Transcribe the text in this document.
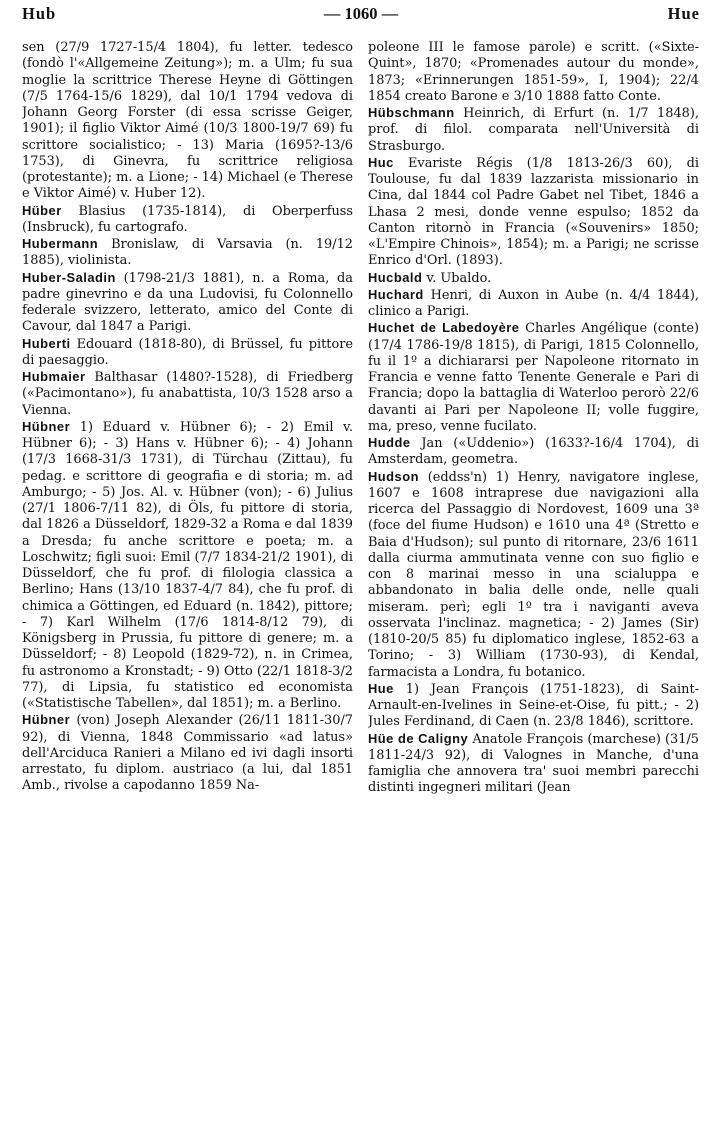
Hub	— 1060 —	Hue

sen (27/9 1727-15/4 1804), fu letter. tedesco (fondò l'«Allgemeine Zeitung»); m. a Ulm; fu sua moglie la scrittrice Therese Heyne di Göttingen (7/5 1764-15/6 1829), dal 10/1 1794 vedova di Johann Georg Forster (di essa scrisse Geiger, 1901); il figlio Viktor Aimé (10/3 1800-19/7 69) fu scrittore socialistico; - 13) Maria (1695?-13/6 1753), di Ginevra, fu scrittrice religiosa (protestante); m. a Lione; - 14) Michael (e Therese e Viktor Aimé) v. Huber 12).

Hüber Blasius (1735-1814), di Oberperfuss (Insbruck), fu cartografo.

Hubermann Bronislaw, di Varsavia (n. 19/12 1885), violinista.

Huber-Saladin (1798-21/3 1881), n. a Roma, da padre ginevrino e da una Ludovisi, fu Colonnello federale svizzero, letterato, amico del Conte di Cavour, dal 1847 a Parigi.

Huberti Edouard (1818-80), di Brüssel, fu pittore di paesaggio.

Hubmaier Balthasar (1480?-1528), di Friedberg («Pacimontano»), fu anabattista, 10/3 1528 arso a Vienna.

Hübner 1) Eduard v. Hübner 6); - 2) Emil v. Hübner 6); - 3) Hans v. Hübner 6); - 4) Johann (17/3 1668-31/3 1731), di Türchau (Zittau), fu pedag. e scrittore di geografia e di storia; m. ad Amburgo; - 5) Jos. Al. v. Hübner (von); - 6) Julius (27/1 1806-7/11 82), di Öls, fu pittore di storia, dal 1826 a Düsseldorf, 1829-32 a Roma e dal 1839 a Dresda; fu anche scrittore e poeta; m. a Loschwitz; figli suoi: Emil (7/7 1834-21/2 1901), di Düsseldorf, che fu prof. di filologia classica a Berlino; Hans (13/10 1837-4/7 84), che fu prof. di chimica a Göttingen, ed Eduard (n. 1842), pittore; - 7) Karl Wilhelm (17/6 1814-8/12 79), di Königsberg in Prussia, fu pittore di genere; m. a Düsseldorf; - 8) Leopold (1829-72), n. in Crimea, fu astronomo a Kronstadt; - 9) Otto (22/1 1818-3/2 77), di Lipsia, fu statistico ed economista («Statistische Tabellen», dal 1851); m. a Berlino.

Hübner (von) Joseph Alexander (26/11 1811-30/7 92), di Vienna, 1848 Commissario «ad latus» dell'Arciduca Ranieri a Milano ed ivi dagli insorti arrestato, fu diplom. austriaco (a lui, dal 1851 Amb., rivolse a capodanno 1859 Na-

poleone III le famose parole) e scritt. («Sixte-Quint», 1870; «Promenades autour du monde», 1873; «Erinnerungen 1851-59», I, 1904); 22/4 1854 creato Barone e 3/10 1888 fatto Conte.

Hübschmann Heinrich, di Erfurt (n. 1/7 1848), prof. di filol. comparata nell'Università di Strasburgo.

Huc Evariste Régis (1/8 1813-26/3 60), di Toulouse, fu dal 1839 lazzarista missionario in Cina, dal 1844 col Padre Gabet nel Tibet, 1846 a Lhasa 2 mesi, donde venne espulso; 1852 da Canton ritornò in Francia («Souvenirs» 1850; «L'Empire Chinois», 1854); m. a Parigi; ne scrisse Enrico d'Orl. (1893).

Hucbald v. Ubaldo.

Huchard Henri, di Auxon in Aube (n. 4/4 1844), clinico a Parigi.

Huchet de Labedoyère Charles Angélique (conte) (17/4 1786-19/8 1815), di Parigi, 1815 Colonnello, fu il 1º a dichiararsi per Napoleone ritornato in Francia e venne fatto Tenente Generale e Pari di Francia; dopo la battaglia di Waterloo perorò 22/6 davanti ai Pari per Napoleone II; volle fuggire, ma, preso, venne fucilato.

Hudde Jan («Uddenio») (1633?-16/4 1704), di Amsterdam, geometra.

Hudson (eddss'n) 1) Henry, navigatore inglese, 1607 e 1608 intraprese due navigazioni alla ricerca del Passaggio di Nordovest, 1609 una 3ª (foce del fiume Hudson) e 1610 una 4ª (Stretto e Baia d'Hudson); sul punto di ritornare, 23/6 1611 dalla ciurma ammutinata venne con suo figlio e con 8 marinai messo in una scialuppa e abbandonato in balia delle onde, nelle quali miseram. perì; egli 1º tra i naviganti aveva osservata l'inclinaz. magnetica; - 2) James (Sir) (1810-20/5 85) fu diplomatico inglese, 1852-63 a Torino; - 3) William (1730-93), di Kendal, farmacista a Londra, fu botanico.

Hue 1) Jean François (1751-1823), di Saint-Arnault-en-Ivelines in Seine-et-Oise, fu pitt.; - 2) Jules Ferdinand, di Caen (n. 23/8 1846), scrittore.

Hüe de Caligny Anatole François (marchese) (31/5 1811-24/3 92), di Valognes in Manche, d'una famiglia che annovera tra' suoi membri parecchi distinti ingegneri militari (Jean
